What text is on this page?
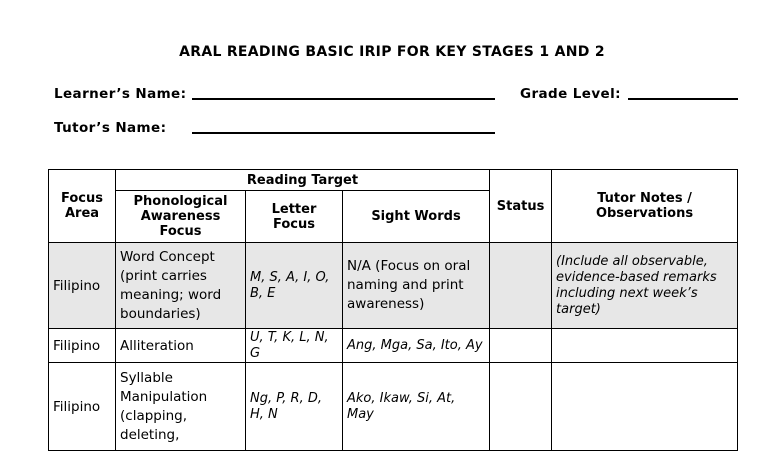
ARAL READING BASIC IRIP FOR KEY STAGES 1 AND 2
Learner’s Name:	Grade Level:
Tutor’s Name:
Focus Area	Reading Target			Status	Tutor Notes / Observations
	Phonological Awareness Focus	Letter Focus	Sight Words		
Filipino	Word Concept (print carries meaning; word boundaries)	M, S, A, I, O, B, E	N/A (Focus on oral naming and print awareness)		(Include all observable, evidence-based remarks including next week’s target)
Filipino	Alliteration	U, T, K, L, N, G	Ang, Mga, Sa, Ito, Ay		
Filipino	Syllable Manipulation (clapping, deleting,	Ng, P, R, D, H, N	Ako, Ikaw, Si, At, May		
